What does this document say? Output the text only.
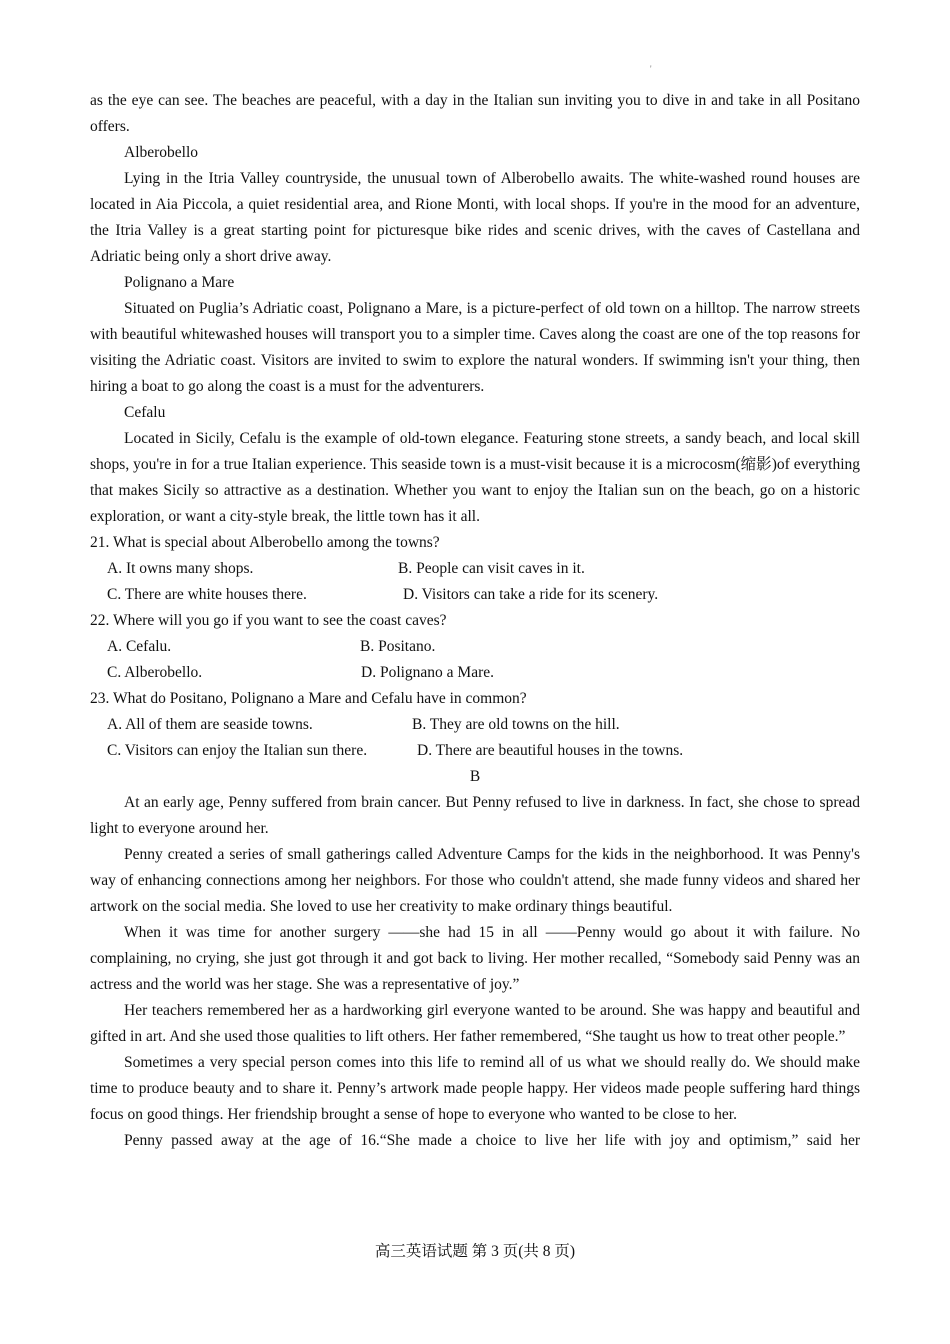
'

as the eye can see. The beaches are peaceful, with a day in the Italian sun inviting you to dive in and take in all Positano offers.

Alberobello

Lying in the Itria Valley countryside, the unusual town of Alberobello awaits. The white-washed round houses are located in Aia Piccola, a quiet residential area, and Rione Monti, with local shops. If you're in the mood for an adventure, the Itria Valley is a great starting point for picturesque bike rides and scenic drives, with the caves of Castellana and Adriatic being only a short drive away.

Polignano a Mare

Situated on Puglia’s Adriatic coast, Polignano a Mare, is a picture-perfect of old town on a hilltop. The narrow streets with beautiful whitewashed houses will transport you to a simpler time. Caves along the coast are one of the top reasons for visiting the Adriatic coast. Visitors are invited to swim to explore the natural wonders. If swimming isn't your thing, then hiring a boat to go along the coast is a must for the adventurers.

Cefalu

Located in Sicily, Cefalu is the example of old-town elegance. Featuring stone streets, a sandy beach, and local skill shops, you're in for a true Italian experience. This seaside town is a must-visit because it is a microcosm(缩影)of everything that makes Sicily so attractive as a destination. Whether you want to enjoy the Italian sun on the beach, go on a historic exploration, or want a city-style break, the little town has it all.

21. What is special about Alberobello among the towns?

A. It owns many shops.	B. People can visit caves in it.
C. There are white houses there.	D. Visitors can take a ride for its scenery.

22. Where will you go if you want to see the coast caves?

A. Cefalu.	B. Positano.
C. Alberobello.	D. Polignano a Mare.

23. What do Positano, Polignano a Mare and Cefalu have in common?

A. All of them are seaside towns.	B. They are old towns on the hill.
C. Visitors can enjoy the Italian sun there.	D. There are beautiful houses in the towns.

B

At an early age, Penny suffered from brain cancer. But Penny refused to live in darkness. In fact, she chose to spread light to everyone around her.

Penny created a series of small gatherings called Adventure Camps for the kids in the neighborhood. It was Penny's way of enhancing connections among her neighbors. For those who couldn't attend, she made funny videos and shared her artwork on the social media. She loved to use her creativity to make ordinary things beautiful.

When it was time for another surgery ——she had 15 in all ——Penny would go about it with failure. No complaining, no crying, she just got through it and got back to living. Her mother recalled, “Somebody said Penny was an actress and the world was her stage. She was a representative of joy.”

Her teachers remembered her as a hardworking girl everyone wanted to be around. She was happy and beautiful and gifted in art. And she used those qualities to lift others. Her father remembered, “She taught us how to treat other people.”

Sometimes a very special person comes into this life to remind all of us what we should really do. We should make time to produce beauty and to share it. Penny’s artwork made people happy. Her videos made people suffering hard things focus on good things. Her friendship brought a sense of hope to everyone who wanted to be close to her.

Penny passed away at the age of 16.“She made a choice to live her life with joy and optimism,” said her

高三英语试题 第 3 页(共 8 页)
